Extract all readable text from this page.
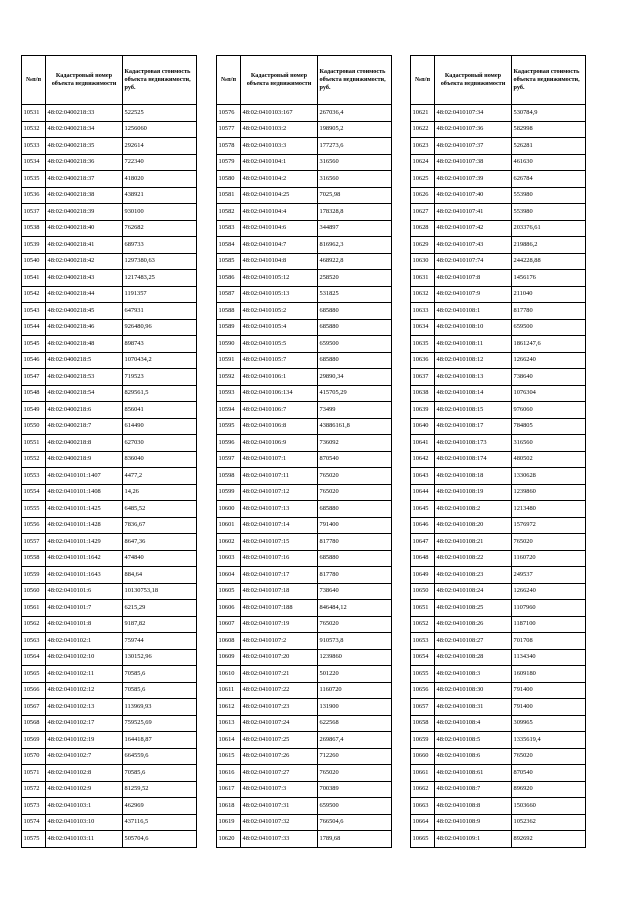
№п/п	Кадастровый номер объекта недвижимости	Кадастровая стоимость объекта недвижимости, руб.
10531	48:02:0400218:33	522525
10532	48:02:0400218:34	1256060
10533	48:02:0400218:35	292614
10534	48:02:0400218:36	722340
10535	48:02:0400218:37	418020
10536	48:02:0400218:38	438921
10537	48:02:0400218:39	930100
10538	48:02:0400218:40	762682
10539	48:02:0400218:41	689733
10540	48:02:0400218:42	1297380,63
10541	48:02:0400218:43	1217483,25
10542	48:02:0400218:44	1191357
10543	48:02:0400218:45	647931
10544	48:02:0400218:46	926480,96
10545	48:02:0400218:48	898743
10546	48:02:0400218:5	1070434,2
10547	48:02:0400218:53	719523
10548	48:02:0400218:54	829561,5
10549	48:02:0400218:6	856041
10550	48:02:0400218:7	614490
10551	48:02:0400218:8	627030
10552	48:02:0400218:9	836040
10553	48:02:0410101:1407	4477,2
10554	48:02:0410101:1408	14,26
10555	48:02:0410101:1425	6485,52
10556	48:02:0410101:1428	7836,67
10557	48:02:0410101:1429	8647,36
10558	48:02:0410101:1642	474840
10559	48:02:0410101:1643	884,64
10560	48:02:0410101:6	10130753,18
10561	48:02:0410101:7	6215,29
10562	48:02:0410101:8	9187,82
10563	48:02:0410102:1	759744
10564	48:02:0410102:10	130152,96
10565	48:02:0410102:11	70585,6
10566	48:02:0410102:12	70585,6
10567	48:02:0410102:13	113969,93
10568	48:02:0410102:17	759525,69
10569	48:02:0410102:19	164418,87
10570	48:02:0410102:7	664559,6
10571	48:02:0410102:8	70585,6
10572	48:02:0410102:9	81259,52
10573	48:02:0410103:1	462969
10574	48:02:0410103:10	437116,5
10575	48:02:0410103:11	505704,6
№п/п	Кадастровый номер объекта недвижимости	Кадастровая стоимость объекта недвижимости, руб.
10576	48:02:0410103:167	267036,4
10577	48:02:0410103:2	198905,2
10578	48:02:0410103:3	177273,6
10579	48:02:0410104:1	316560
10580	48:02:0410104:2	316560
10581	48:02:0410104:25	7025,98
10582	48:02:0410104:4	178328,8
10583	48:02:0410104:6	344897
10584	48:02:0410104:7	816962,3
10585	48:02:0410104:8	468922,8
10586	48:02:0410105:12	258520
10587	48:02:0410105:13	531825
10588	48:02:0410105:2	685880
10589	48:02:0410105:4	685880
10590	48:02:0410105:5	659500
10591	48:02:0410105:7	685880
10592	48:02:0410106:1	29890,34
10593	48:02:0410106:134	415705,29
10594	48:02:0410106:7	73499
10595	48:02:0410106:8	43886161,8
10596	48:02:0410106:9	736092
10597	48:02:0410107:1	870540
10598	48:02:0410107:11	765020
10599	48:02:0410107:12	765020
10600	48:02:0410107:13	685880
10601	48:02:0410107:14	791400
10602	48:02:0410107:15	817780
10603	48:02:0410107:16	685880
10604	48:02:0410107:17	817780
10605	48:02:0410107:18	738640
10606	48:02:0410107:188	846484,12
10607	48:02:0410107:19	765020
10608	48:02:0410107:2	910573,8
10609	48:02:0410107:20	1239860
10610	48:02:0410107:21	501220
10611	48:02:0410107:22	1160720
10612	48:02:0410107:23	131900
10613	48:02:0410107:24	622568
10614	48:02:0410107:25	269867,4
10615	48:02:0410107:26	712260
10616	48:02:0410107:27	765020
10617	48:02:0410107:3	700389
10618	48:02:0410107:31	659500
10619	48:02:0410107:32	766504,6
10620	48:02:0410107:33	1789,68
№п/п	Кадастровый номер объекта недвижимости	Кадастровая стоимость объекта недвижимости, руб.
10621	48:02:0410107:34	530784,9
10622	48:02:0410107:36	582998
10623	48:02:0410107:37	526281
10624	48:02:0410107:38	461630
10625	48:02:0410107:39	626784
10626	48:02:0410107:40	553980
10627	48:02:0410107:41	553980
10628	48:02:0410107:42	203376,61
10629	48:02:0410107:43	219886,2
10630	48:02:0410107:74	244228,88
10631	48:02:0410107:8	1456176
10632	48:02:0410107:9	211040
10633	48:02:0410108:1	817780
10634	48:02:0410108:10	659500
10635	48:02:0410108:11	1861247,6
10636	48:02:0410108:12	1266240
10637	48:02:0410108:13	738640
10638	48:02:0410108:14	1076304
10639	48:02:0410108:15	976060
10640	48:02:0410108:17	784805
10641	48:02:0410108:173	316560
10642	48:02:0410108:174	480502
10643	48:02:0410108:18	1330628
10644	48:02:0410108:19	1239860
10645	48:02:0410108:2	1213480
10646	48:02:0410108:20	1576972
10647	48:02:0410108:21	765020
10648	48:02:0410108:22	1160720
10649	48:02:0410108:23	249537
10650	48:02:0410108:24	1266240
10651	48:02:0410108:25	1107960
10652	48:02:0410108:26	1187100
10653	48:02:0410108:27	701708
10654	48:02:0410108:28	1134340
10655	48:02:0410108:3	1609180
10656	48:02:0410108:30	791400
10657	48:02:0410108:31	791400
10658	48:02:0410108:4	309965
10659	48:02:0410108:5	1335619,4
10660	48:02:0410108:6	765020
10661	48:02:0410108:61	870540
10662	48:02:0410108:7	896920
10663	48:02:0410108:8	1503660
10664	48:02:0410108:9	1052362
10665	48:02:0410109:1	892692
